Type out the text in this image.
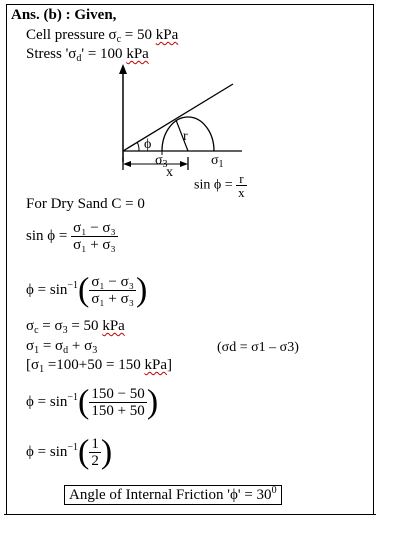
Ans. (b) : Given,
Cell pressure $\sigma_c = 50$ kPa
Stress '$\sigma_d' = 100$ kPa
ϕ
r
$\sigma_3$	$\sigma_1$
x
$\sin \phi = \frac{r}{x}$
For Dry Sand C = 0
$\sin \phi = \frac{\text{σ₁ − σ₃}}{\text{σ₁ + σ₃}}$
$\phi = \sin^{-1}( \frac{\text{σ₁ − σ₃}}{\text{σ₁ + σ₃}}$ )
$\sigma_c = \sigma_3 = 50$ kPa
$\sigma_1 = \sigma_d + \sigma_3$	(σd = σ1 – σ3)
[$\sigma_1 =100+50 = 150$ kPa]
$\phi = \sin^{-1}( \frac{150 - 50}{150 + 50}$ )
$\phi = \sin^{-1}( \frac{1}{2}$ )
Angle of Internal Friction '$\phi' = 30^0$
